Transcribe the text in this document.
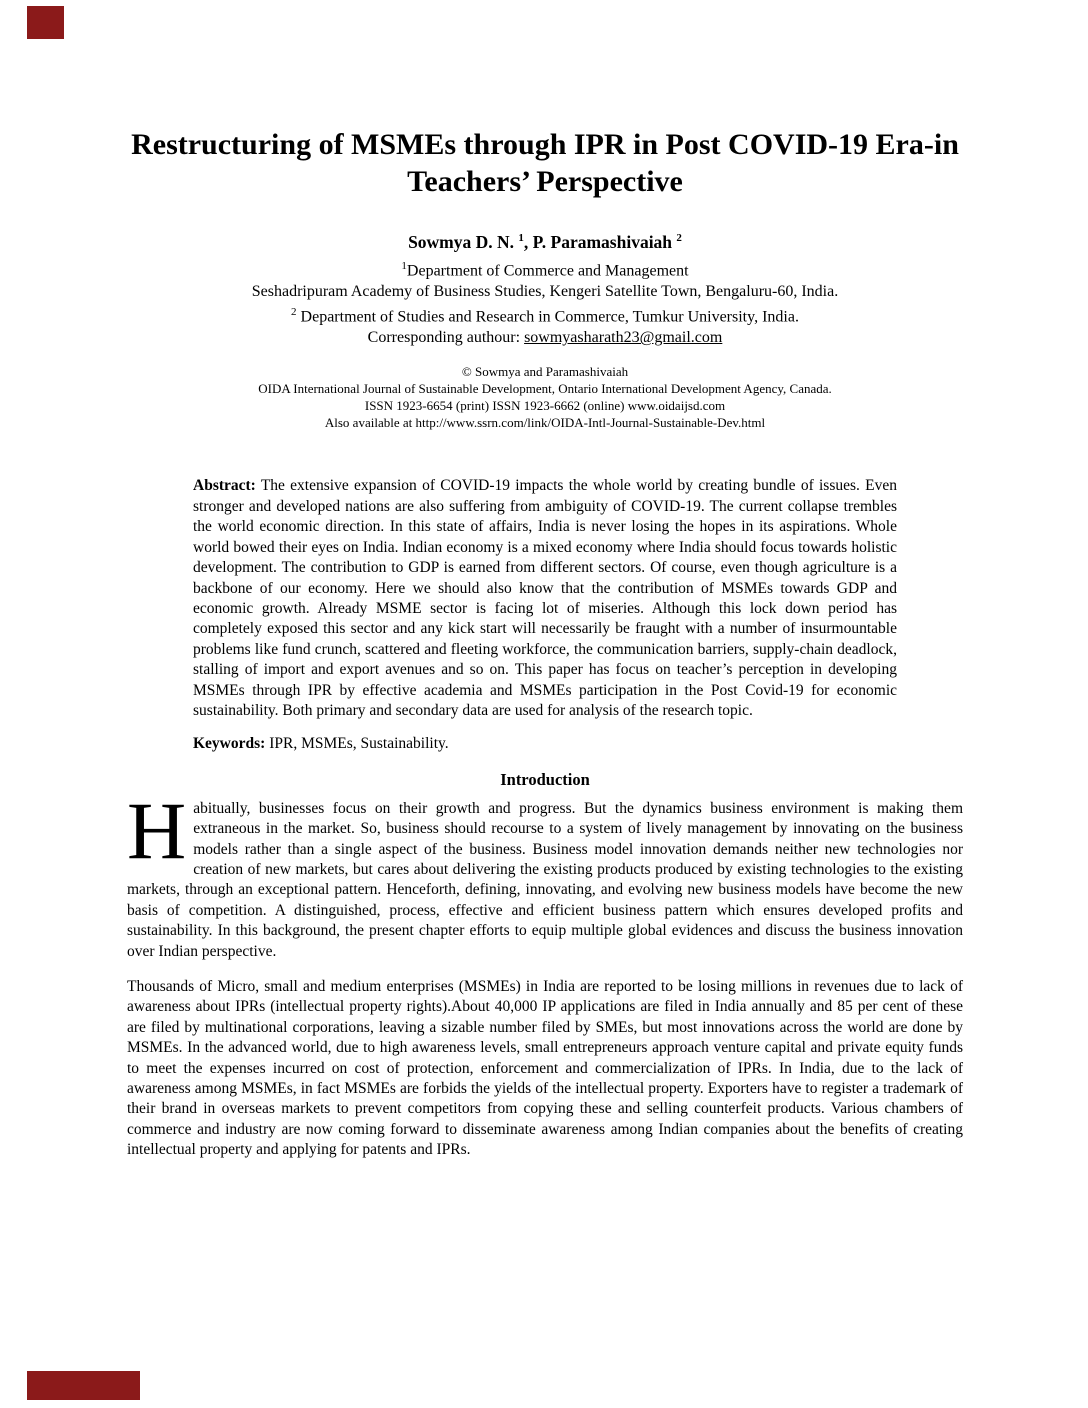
Restructuring of MSMEs through IPR in Post COVID-19 Era-in
Teachers’ Perspective

Sowmya D. N. $^1$, P. Paramashivaiah $^2$

$^1$Department of Commerce and Management

Seshadripuram Academy of Business Studies, Kengeri Satellite Town, Bengaluru-60, India.

$^2$ Department of Studies and Research in Commerce, Tumkur University, India.

Corresponding authour: sowmyasharath23@gmail.com

© Sowmya and Paramashivaiah

OIDA International Journal of Sustainable Development, Ontario International Development Agency, Canada.

ISSN 1923-6654 (print) ISSN 1923-6662 (online) www.oidaijsd.com

Also available at http://www.ssrn.com/link/OIDA-Intl-Journal-Sustainable-Dev.html

Abstract: The extensive expansion of COVID-19 impacts the whole world by creating bundle of issues. Even stronger and developed nations are also suffering from ambiguity of COVID-19. The current collapse trembles the world economic direction. In this state of affairs, India is never losing the hopes in its aspirations. Whole world bowed their eyes on India. Indian economy is a mixed economy where India should focus towards holistic development. The contribution to GDP is earned from different sectors. Of course, even though agriculture is a backbone of our economy. Here we should also know that the contribution of MSMEs towards GDP and economic growth. Already MSME sector is facing lot of miseries. Although this lock down period has completely exposed this sector and any kick start will necessarily be fraught with a number of insurmountable problems like fund crunch, scattered and fleeting workforce, the communication barriers, supply-chain deadlock, stalling of import and export avenues and so on. This paper has focus on teacher’s perception in developing MSMEs through IPR by effective academia and MSMEs participation in the Post Covid-19 for economic sustainability. Both primary and secondary data are used for analysis of the research topic.

Keywords: IPR, MSMEs, Sustainability.

Introduction

Habitually, businesses focus on their growth and progress. But the dynamics business environment is making them extraneous in the market. So, business should recourse to a system of lively management by innovating on the business models rather than a single aspect of the business. Business model innovation demands neither new technologies nor creation of new markets, but cares about delivering the existing products produced by existing technologies to the existing markets, through an exceptional pattern. Henceforth, defining, innovating, and evolving new business models have become the new basis of competition. A distinguished, process, effective and efficient business pattern which ensures developed profits and sustainability. In this background, the present chapter efforts to equip multiple global evidences and discuss the business innovation over Indian perspective.

Thousands of Micro, small and medium enterprises (MSMEs) in India are reported to be losing millions in revenues due to lack of awareness about IPRs (intellectual property rights).About 40,000 IP applications are filed in India annually and 85 per cent of these are filed by multinational corporations, leaving a sizable number filed by SMEs, but most innovations across the world are done by MSMEs. In the advanced world, due to high awareness levels, small entrepreneurs approach venture capital and private equity funds to meet the expenses incurred on cost of protection, enforcement and commercialization of IPRs. In India, due to the lack of awareness among MSMEs, in fact MSMEs are forbids the yields of the intellectual property. Exporters have to register a trademark of their brand in overseas markets to prevent competitors from copying these and selling counterfeit products. Various chambers of commerce and industry are now coming forward to disseminate awareness among Indian companies about the benefits of creating intellectual property and applying for patents and IPRs.
